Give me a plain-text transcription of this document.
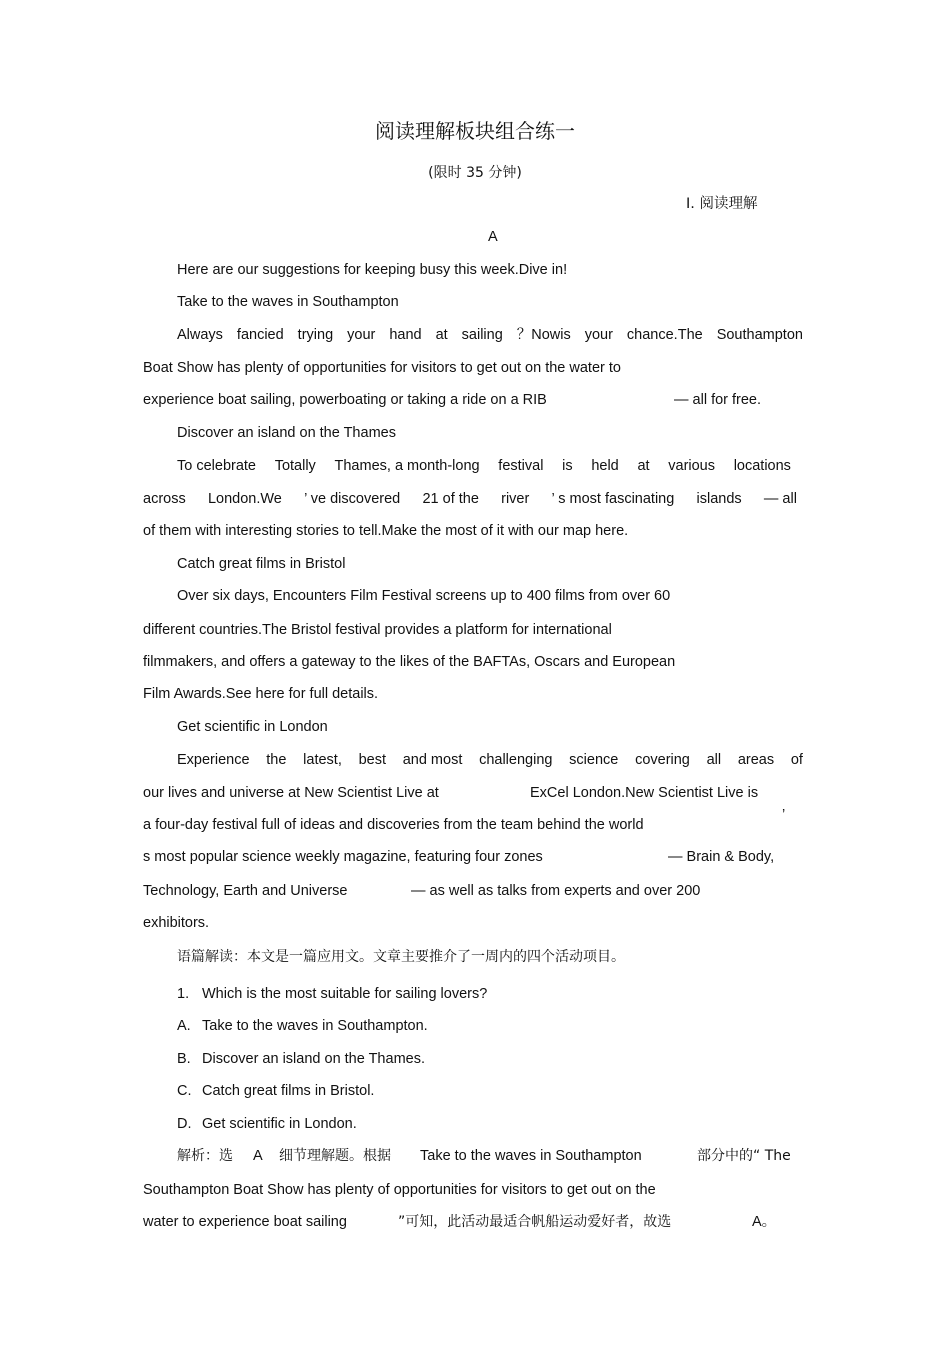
阅读理解板块组合练一
(限时 35 分钟)
Ⅰ. 阅读理解
A
Here are our suggestions for keeping busy this week.Dive in!
Take to the waves in Southampton
Always fancied trying your hand at sailing ？Nowis your chance.The Southampton
Boat Show has plenty of opportunities for visitors to get out on the water to
experience boat sailing, powerboating or taking a ride on a RIB	— all for free.
Discover an island on the Thames
To celebrate Totally Thames, a month-long festival is held at various locations
across London.We ’ ve discovered 21 of the river ’ s most fascinating islands — all
of them with interesting stories to tell.Make the most of it with our map here.
Catch great films in Bristol
Over six days, Encounters Film Festival screens up to 400 films from over 60
different countries.The Bristol festival provides a platform for international
filmmakers, and offers a gateway to the likes of the BAFTAs, Oscars and European
Film Awards.See here for full details.
Get scientific in London
Experience the latest, best and most challenging science covering all areas of
our lives and universe at New Scientist Live at	ExCel London.New Scientist Live is
a four-day festival full of ideas and discoveries from the team behind the world
’
s most popular science weekly magazine, featuring four zones	— Brain & Body,
Technology, Earth and Universe	— as well as talks from experts and over 200
exhibitors.
语篇解读：本文是一篇应用文。文章主要推介了一周内的四个活动项目。
1. Which is the most suitable for sailing lovers?
A. Take to the waves in Southampton.
B. Discover an island on the Thames.
C. Catch great films in Bristol.
D. Get scientific in London.
解析：选 A 细节理解题。根据 Take to the waves in Southampton	部分中的“ The
Southampton Boat Show has plenty of opportunities for visitors to get out on the
water to experience boat sailing	”可知，此活动最适合帆船运动爱好者，故选	A。
